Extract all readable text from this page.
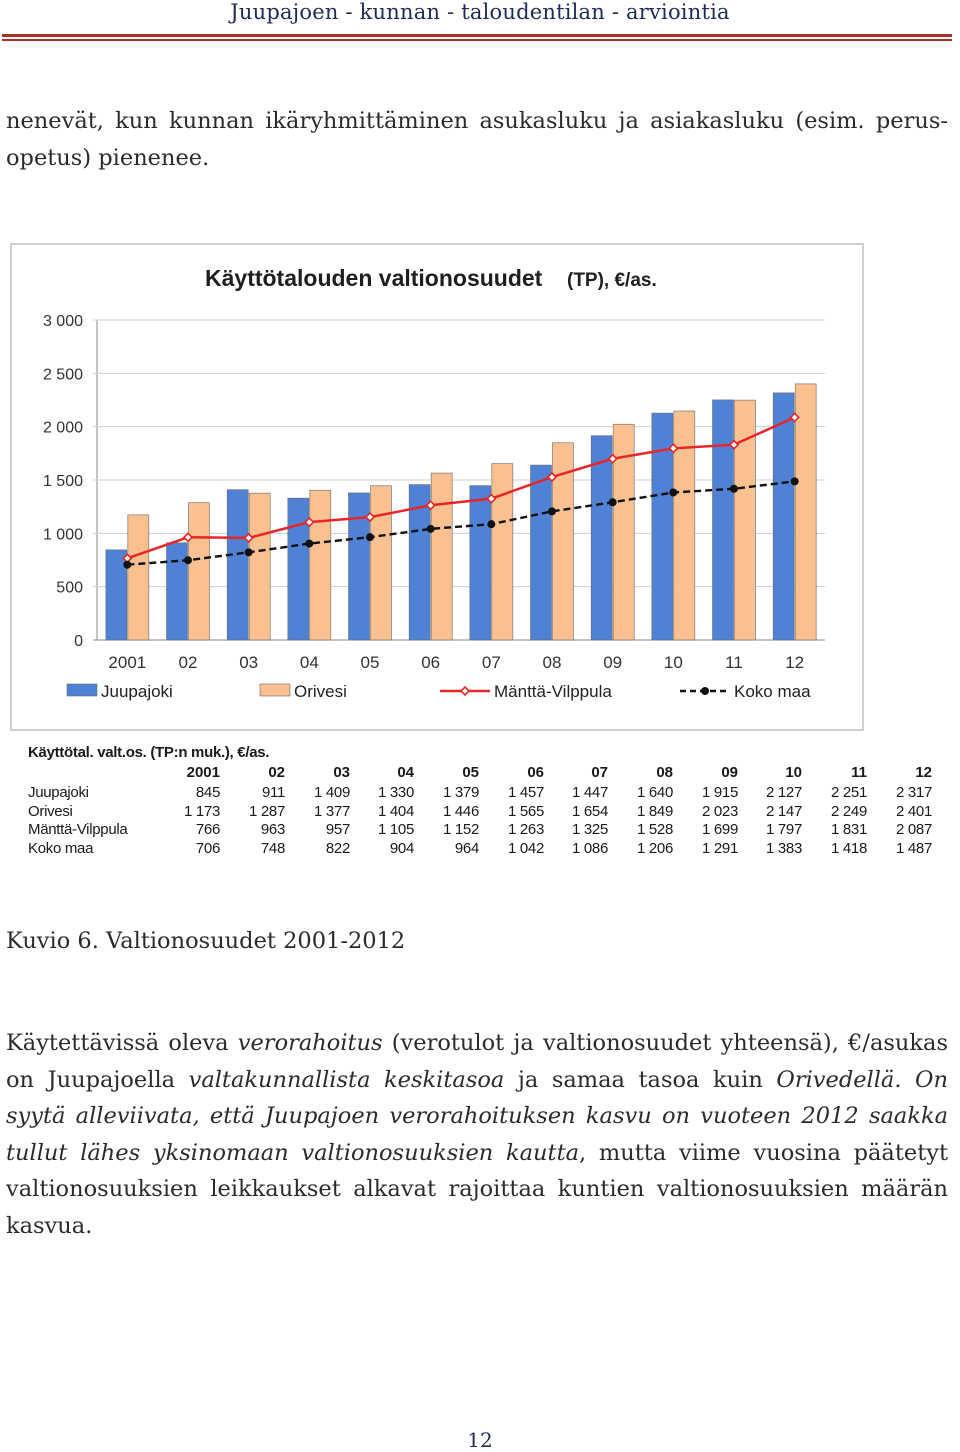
Juupajoen - kunnan - taloudentilan - arviointia
nenevät, kun kunnan ikäryhmittäminen asukasluku ja asiakasluku (esim. perus-opetus) pienenee.
Käyttötalouden valtionosuudet (TP), €/as.
0
500
1 000
1 500
2 000
2 500
3 000
2001 02 03 04 05 06 07 08 09 10 11 12
Juupajoki	Orivesi	Mänttä-Vilppula	Koko maa
Käyttötal. valt.os. (TP:n muk.), €/as.
2001	02	03	04	05	06	07	08	09	10	11	12
Juupajoki	845	911	1 409	1 330	1 379	1 457	1 447	1 640	1 915	2 127	2 251	2 317
Orivesi	1 173	1 287	1 377	1 404	1 446	1 565	1 654	1 849	2 023	2 147	2 249	2 401
Mänttä-Vilppula	766	963	957	1 105	1 152	1 263	1 325	1 528	1 699	1 797	1 831	2 087
Koko maa	706	748	822	904	964	1 042	1 086	1 206	1 291	1 383	1 418	1 487
Kuvio 6. Valtionosuudet 2001-2012
Käytettävissä oleva verorahoitus (verotulot ja valtionosuudet yhteensä), €/asukas on Juupajoella valtakunnallista keskitasoa ja samaa tasoa kuin Orivedellä. On syytä alleviivata, että Juupajoen verorahoituksen kasvu on vuoteen 2012 saakka tullut lähes yksinomaan valtionosuuksien kautta, mutta viime vuosina päätetyt valtionosuuksien leikkaukset alkavat rajoittaa kuntien valtionosuuksien määrän kasvua.
12
